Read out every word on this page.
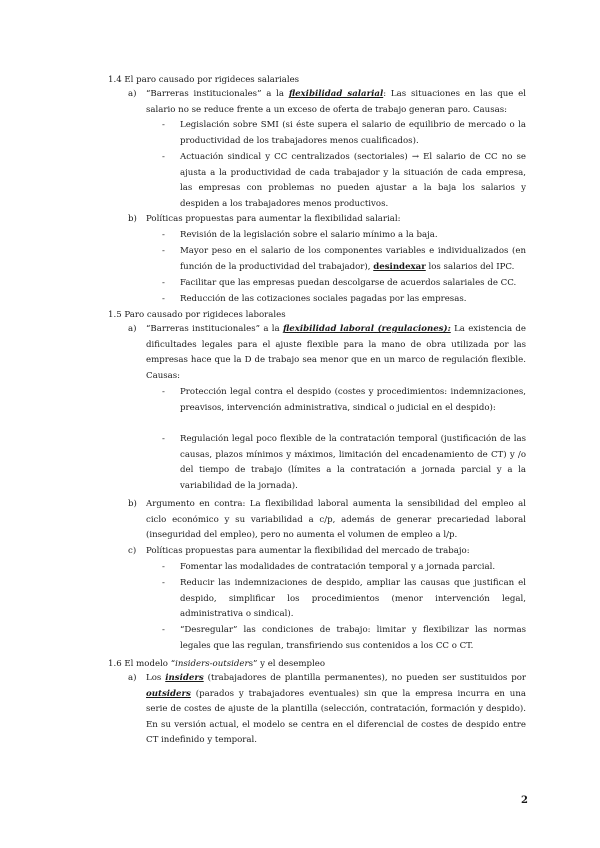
1.4 El paro causado por rigideces salariales
a) “Barreras institucionales” a la flexibilidad salarial: Las situaciones en las que el salario no se reduce frente a un exceso de oferta de trabajo generan paro. Causas:
- Legislación sobre SMI (si éste supera el salario de equilibrio de mercado o la productividad de los trabajadores menos cualificados).
- Actuación sindical y CC centralizados (sectoriales) → El salario de CC no se ajusta a la productividad de cada trabajador y la situación de cada empresa, las empresas con problemas no pueden ajustar a la baja los salarios y despiden a los trabajadores menos productivos.
b) Políticas propuestas para aumentar la flexibilidad salarial:
- Revisión de la legislación sobre el salario mínimo a la baja.
- Mayor peso en el salario de los componentes variables e individualizados (en función de la productividad del trabajador), desindexar los salarios del IPC.
- Facilitar que las empresas puedan descolgarse de acuerdos salariales de CC.
- Reducción de las cotizaciones sociales pagadas por las empresas.
1.5 Paro causado por rigideces laborales
a) “Barreras institucionales” a la flexibilidad laboral (regulaciones): La existencia de dificultades legales para el ajuste flexible para la mano de obra utilizada por las empresas hace que la D de trabajo sea menor que en un marco de regulación flexible. Causas:
- Protección legal contra el despido (costes y procedimientos: indemnizaciones, preavisos, intervención administrativa, sindical o judicial en el despido):
- Regulación legal poco flexible de la contratación temporal (justificación de las causas, plazos mínimos y máximos, limitación del encadenamiento de CT) y /o del tiempo de trabajo (límites a la contratación a jornada parcial y a la variabilidad de la jornada).
b) Argumento en contra: La flexibilidad laboral aumenta la sensibilidad del empleo al ciclo económico y su variabilidad a c/p, además de generar precariedad laboral (inseguridad del empleo), pero no aumenta el volumen de empleo a l/p.
c) Políticas propuestas para aumentar la flexibilidad del mercado de trabajo:
- Fomentar las modalidades de contratación temporal y a jornada parcial.
- Reducir las indemnizaciones de despido, ampliar las causas que justifican el despido, simplificar los procedimientos (menor intervención legal, administrativa o sindical).
- “Desregular” las condiciones de trabajo: limitar y flexibilizar las normas legales que las regulan, transfiriendo sus contenidos a los CC o CT.
1.6 El modelo “insiders-outsiders” y el desempleo
a) Los insiders (trabajadores de plantilla permanentes), no pueden ser sustituidos por outsiders (parados y trabajadores eventuales) sin que la empresa incurra en una serie de costes de ajuste de la plantilla (selección, contratación, formación y despido). En su versión actual, el modelo se centra en el diferencial de costes de despido entre CT indefinido y temporal.
2
